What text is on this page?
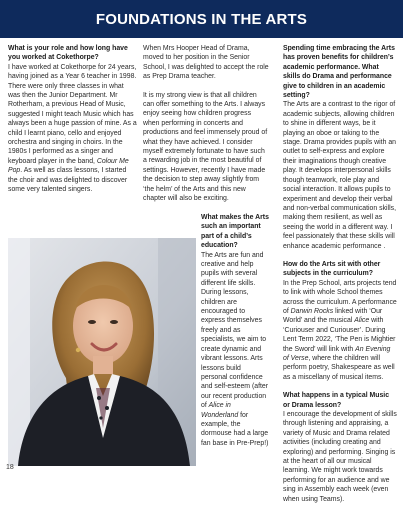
FOUNDATIONS IN THE ARTS

What is your role and how long have you worked at Cokethorpe?
I have worked at Cokethorpe for 24 years, having joined as a Year 6 teacher in 1998. There were only three classes in what was then the Junior Department. Mr Rotherham, a previous Head of Music, suggested I might teach Music which has always been a huge passion of mine. As a child I learnt piano, cello and enjoyed orchestra and singing in choirs. In the 1980s I performed as a singer and keyboard player in the band, Colour Me Pop. As well as class lessons, I started the choir and was delighted to discover some very talented singers.

When Mrs Hooper Head of Drama, moved to her position in the Senior School, I was delighted to accept the role as Prep Drama teacher.

It is my strong view is that all children can offer something to the Arts. I always enjoy seeing how children progress when performing in concerts and productions and feel immensely proud of what they have achieved. I consider myself extremely fortunate to have such a rewarding job in the most beautiful of settings. However, recently I have made the decision to step away slightly from ‘the helm’ of the Arts and this new chapter will also be exciting.

What makes the Arts such an important part of a child’s education?
The Arts are fun and creative and help pupils with several different life skills. During lessons, children are encouraged to express themselves freely and as specialists, we aim to create dynamic and vibrant lessons. Arts lessons build personal confidence and self-esteem (after our recent production of Alice in Wonderland for example, the dormouse had a large fan base in Pre-Prep!)

Spending time embracing the Arts has proven benefits for children’s academic performance. What skills do Drama and performance give to children in an academic setting?
The Arts are a contrast to the rigor of academic subjects, allowing children to shine in different ways, be it playing an oboe or taking to the stage. Drama provides pupils with an outlet to self-express and explore their imaginations though creative play. It develops interpersonal skills though teamwork, role play and social interaction. It allows pupils to experiment and develop their verbal and non-verbal communication skills, making them resilient, as well as seeing the world in a different way. I feel passionately that these skills will enhance academic performance .

How do the Arts sit with other subjects in the curriculum?
In the Prep School, arts projects tend to link with whole School themes across the curriculum. A performance of Darwin Rocks linked with ‘Our World’ and the musical Alice with ‘Curiouser and Curiouser’. During Lent Term 2022, ‘The Pen is Mightier the Sword’ will link with An Evening of Verse, where the children will perform poetry, Shakespeare as well as a miscellany of musical items.

What happens in a typical Music or Drama lesson?
I encourage the development of skills through listening and appraising, a variety of Music and Drama related activities (including creating and exploring) and performing. Singing is at the heart of all our musical learning. We might work towards performing for an audience and we sing in Assembly each week (even when using Teams).

18
